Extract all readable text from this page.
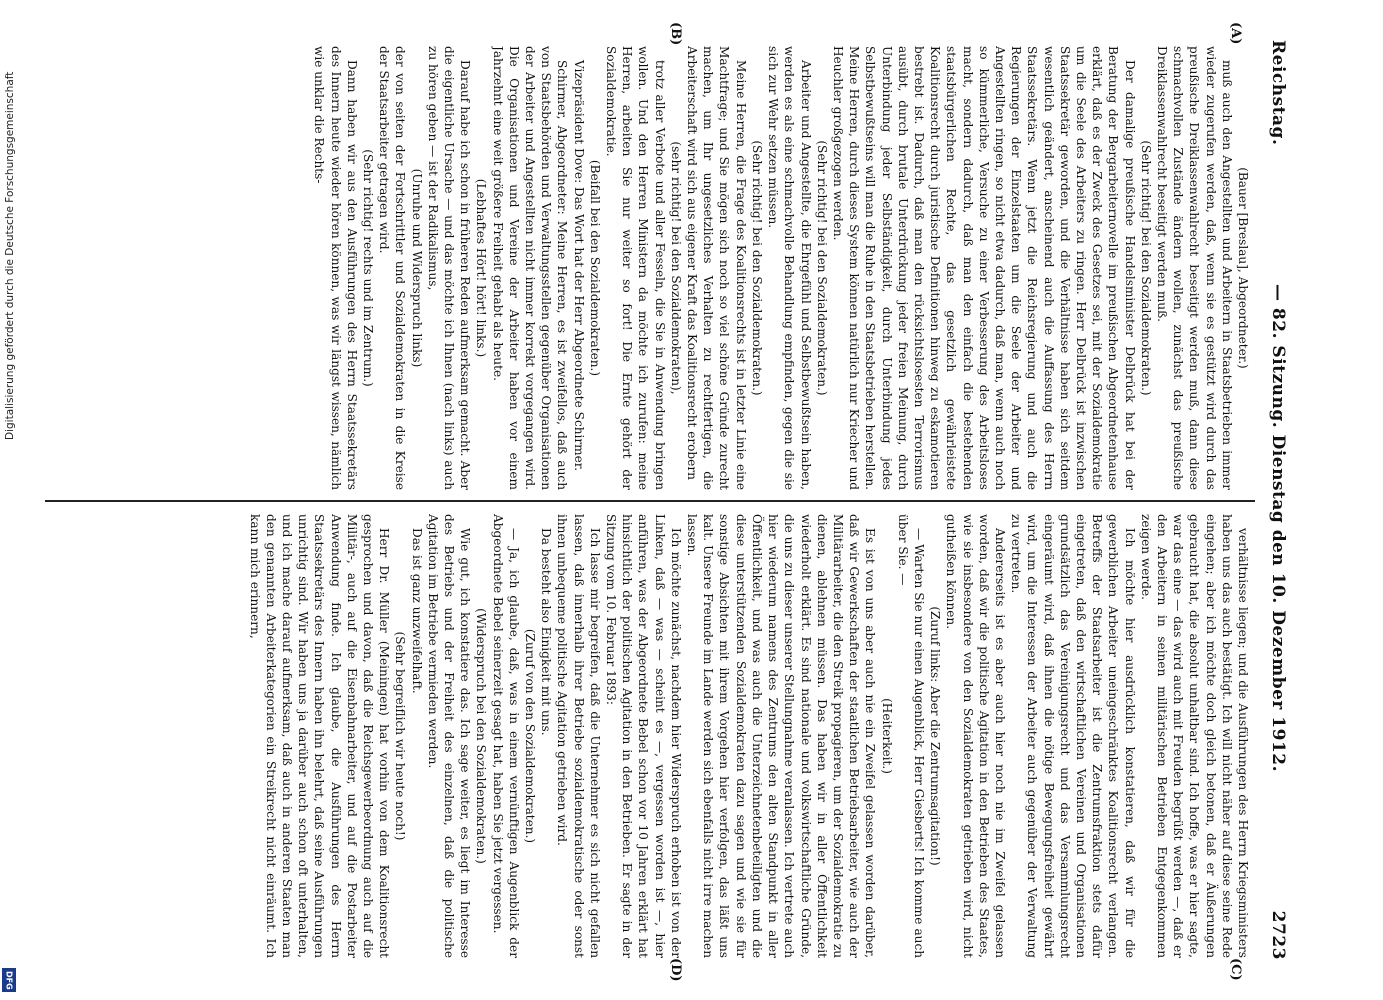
Reichstag.
— 82. Sitzung. Dienstag den 10. Dezember 1912.
2723
(A)
(B)
(C)
(D)

(Bauer [Breslau], Abgeordneter.)

muß auch den Angestellten und Arbeitern in Staatsbetrieben immer wieder zugerufen werden, daß, wenn sie es gestützt wird durch das preußische Dreiklassenwahlrecht beseitigt werden muß, dann diese schmachvollen Zustände ändern wollen, zunächst das preußische Dreiklassenwahlrecht beseitigt werden muß.

(Sehr richtig! bei den Sozialdemokraten.)

Der damalige preußische Handelsminister Delbrück hat bei der Beratung der Bergarbeiternovelle im preußischen Abgeordnetenhause erklärt, daß es der Zweck des Gesetzes sei, mit der Sozialdemokratie um die Seele des Arbeiters zu ringen. Herr Delbrück ist inzwischen Staatssekretär geworden, und die Verhältnisse haben sich seitdem wesentlich geändert, anscheinend auch die Auffassung des Herrn Staatssekretärs. Wenn jetzt die Reichsregierung und auch die Regierungen der Einzelstaaten um die Seele der Arbeiter und Angestellten ringen, so nicht etwa dadurch, daß man, wenn auch noch so kümmerliche, Versuche zu einer Verbesserung des Arbeitsloses macht, sondern dadurch, daß man den einfach die bestehenden staatsbürgerlichen Rechte, das gesetzlich gewährleistete Koalitionsrecht durch juristische Definitionen hinweg zu eskamotieren bestrebt ist. Dadurch, daß man den rücksichtslosesten Terrorismus ausübt, durch brutale Unterdrückung jeder freien Meinung, durch Unterbindung jeder Selbständigkeit, durch Unterbindung jedes Selbstbewußtseins will man die Ruhe in den Staatsbetrieben herstellen. Meine Herren, durch dieses System können natürlich nur Kriecher und Heuchler großgezogen werden.

(Sehr richtig! bei den Sozialdemokraten.)

Arbeiter und Angestellte, die Ehrgefühl und Selbstbewußtsein haben, werden es als eine schmachvolle Behandlung empfinden, gegen die sie sich zur Wehr setzen müssen.

(Sehr richtig! bei den Sozialdemokraten.)

Meine Herren, die Frage des Koalitionsrechts ist in letzter Linie eine Machtfrage; und Sie mögen sich noch so viel schöne Gründe zurecht machen, um Ihr ungesetzliches Verhalten zu rechtfertigen, die Arbeiterschaft wird sich aus eigener Kraft das Koalitionsrecht erobern

(sehr richtig! bei den Sozialdemokraten),

trotz aller Verbote und aller Fesseln, die Sie in Anwendung bringen wollen. Und den Herren Ministern da möchte ich zurufen: meine Herren, arbeiten Sie nur weiter so fort! Die Ernte gehört der Sozialdemokratie.

(Beifall bei den Sozialdemokraten.)

Vizepräsident Dove: Das Wort hat der Herr Abgeordnete Schirmer.

Schirmer, Abgeordneter: Meine Herren, es ist zweifellos, daß auch von Staatsbehörden und Verwaltungsstellen gegenüber Organisationen der Arbeiter und Angestellten nicht immer korrekt vorgegangen wird. Die Organisationen und Vereine der Arbeiter haben vor einem Jahrzehnt eine weit größere Freiheit gehabt als heute.

(Lebhaftes Hört! hört! links.)

Darauf habe ich schon in früheren Reden aufmerksam gemacht. Aber die eigentliche Ursache — und das möchte ich Ihnen (nach links) auch zu hören geben — ist der Radikalismus,

(Unruhe und Widerspruch links)

der von seiten der Fortschrittler und Sozialdemokraten in die Kreise der Staatsarbeiter getragen wird.

(Sehr richtig! rechts und im Zentrum.)

Dann haben wir aus den Ausführungen des Herrn Staatssekretärs des Innern heute wieder hören können, was wir längst wissen, nämlich wie unklar die Rechts-

verhältnisse liegen; und die Ausführungen des Herrn Kriegsministers haben uns das auch bestätigt. Ich will nicht näher auf diese seine Rede eingehen; aber ich möchte doch gleich betonen, daß er Äußerungen gebraucht hat, die absolut unhaltbar sind. Ich hoffe, was er hier sagte, war das eine — das wird auch mit Freuden begrüßt werden —, daß er den Arbeitern in seinen militärischen Betrieben Entgegenkommen zeigen werde.

Ich möchte hier ausdrücklich konstatieren, daß wir für die gewerblichen Arbeiter uneingeschränktes Koalitionsrecht verlangen. Betreffs der Staatsarbeiter ist die Zentrumsfraktion stets dafür eingetreten, daß den wirtschaftlichen Vereinen und Organisationen grundsätzlich das Vereinigungsrecht und das Versammlungsrecht eingeräumt wird, daß ihnen die nötige Bewegungsfreiheit gewährt wird, um die Interessen der Arbeiter auch gegenüber der Verwaltung zu vertreten.

Andererseits ist es aber auch hier noch nie im Zweifel gelassen worden, daß wir die politische Agitation in den Betrieben des Staates, wie sie insbesondere von den Sozialdemokraten getrieben wird, nicht gutheißen können.

(Zuruf links: Aber die Zentrumsagitation!)

— Warten Sie nur einen Augenblick, Herr Giesberts! Ich komme auch über Sie. —

(Heiterkeit.)

Es ist von uns aber auch nie ein Zweifel gelassen worden darüber, daß wir Gewerkschaften der staatlichen Betriebsarbeiter, wie auch der Militärarbeiter, die den Streik propagieren, um der Sozialdemokratie zu dienen, ablehnen müssen. Das haben wir in aller Öffentlichkeit wiederholt erklärt. Es sind nationale und volkswirtschaftliche Gründe, die uns zu dieser unserer Stellungnahme veranlassen. Ich vertrete auch hier wiederum namens des Zentrums den alten Standpunkt in aller Öffentlichkeit, und was auch die Unterzeichnetenbeteiligten und die diese unterstützenden Sozialdemokraten dazu sagen und wie sie für sonstige Absichten mit ihrem Vorgehen hier verfolgen, das läßt uns kalt. Unsere Freunde im Lande werden sich ebenfalls nicht irre machen lassen.

Ich möchte zunächst, nachdem hier Widerspruch erhoben ist von der Linken, daß — was — scheint es —, vergessen worden ist —, hier anführen, was der Abgeordnete Bebel schon vor 10 Jahren erklärt hat hinsichtlich der politischen Agitation in den Betrieben. Er sagte in der Sitzung vom 10. Februar 1893:

Ich lasse mir begreifen, daß die Unternehmer es sich nicht gefallen lassen, daß innerhalb ihrer Betriebe sozialdemokratische oder sonst ihnen unbequeme politische Agitation getrieben wird.

Da besteht also Einigkeit mit uns.

(Zuruf von den Sozialdemokraten.)

— Ja, ich glaube, daß, was in einem vernünftigen Augenblick der Abgeordnete Bebel seinerzeit gesagt hat, haben Sie jetzt vergessen.

(Widerspruch bei den Sozialdemokraten.)

Wie gut, ich konstatiere das. Ich sage weiter, es liegt im Interesse des Betriebs und der Freiheit des einzelnen, daß die politische Agitation im Betriebe vermieden werden.

Das ist ganz unzweifelhaft.

(Sehr begreiflich wir heute noch!)

Herr Dr. Müller (Meiningen) hat vorhin von dem Koalitionsrecht gesprochen und davon, daß die Reichsgewerbeordnung auch auf die Militär-, auch auf die Eisenbahnarbeiter, und auf die Postarbeiter Anwendung finde. Ich glaube, die Ausführungen des Herrn Staatssekretärs des Innern haben ihn belehrt, daß seine Ausführungen unrichtig sind. Wir haben uns ja darüber auch schon oft unterhalten, und ich mache darauf aufmerksam, daß auch in anderen Staaten man den genannten Arbeiterkategorien ein Streikrecht nicht einräumt. Ich kann mich erinnern,

Digitalisierung gefördert durch die Deutsche Forschungsgemeinschaft
DFG
